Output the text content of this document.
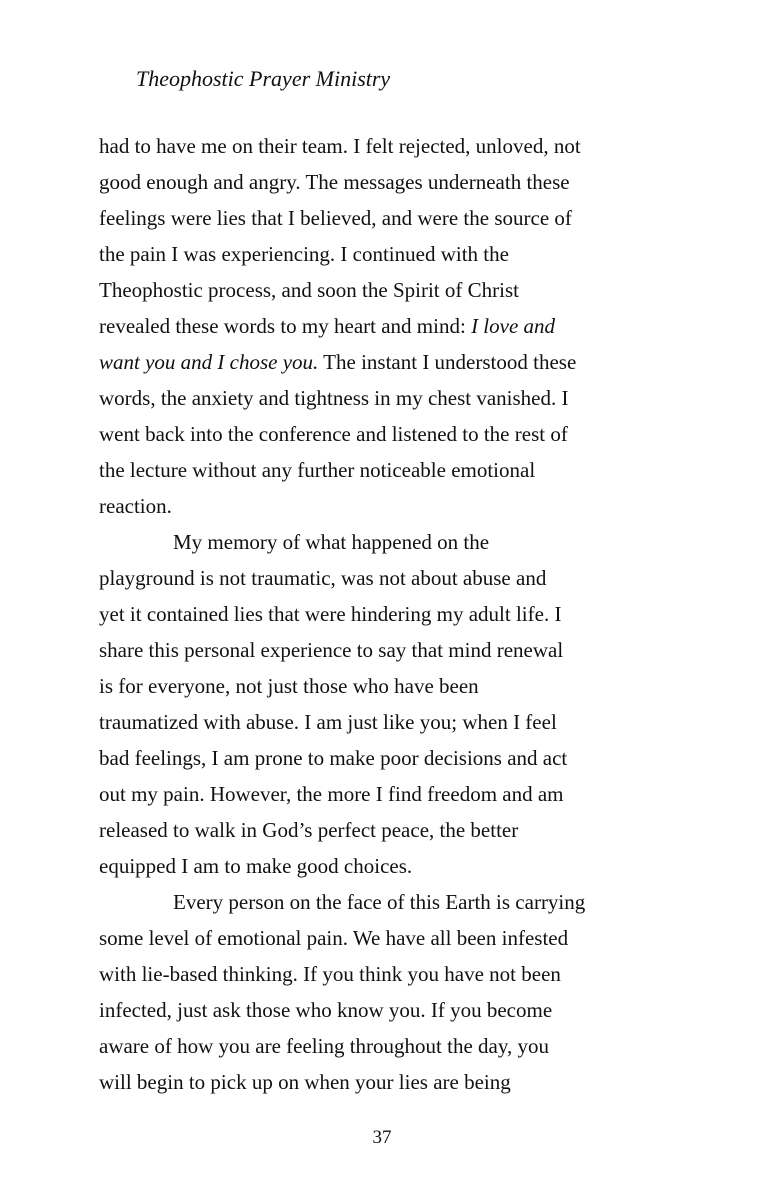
Theophostic Prayer Ministry
had to have me on their team. I felt rejected, unloved, not
good enough and angry. The messages underneath these
feelings were lies that I believed, and were the source of
the pain I was experiencing. I continued with the
Theophostic process, and soon the Spirit of Christ
revealed these words to my heart and mind: I love and
want you and I chose you. The instant I understood these
words, the anxiety and tightness in my chest vanished. I
went back into the conference and listened to the rest of
the lecture without any further noticeable emotional
reaction.
My memory of what happened on the
playground is not traumatic, was not about abuse and
yet it contained lies that were hindering my adult life. I
share this personal experience to say that mind renewal
is for everyone, not just those who have been
traumatized with abuse. I am just like you; when I feel
bad feelings, I am prone to make poor decisions and act
out my pain. However, the more I find freedom and am
released to walk in God’s perfect peace, the better
equipped I am to make good choices.
Every person on the face of this Earth is carrying
some level of emotional pain. We have all been infested
with lie-based thinking. If you think you have not been
infected, just ask those who know you. If you become
aware of how you are feeling throughout the day, you
will begin to pick up on when your lies are being
37
